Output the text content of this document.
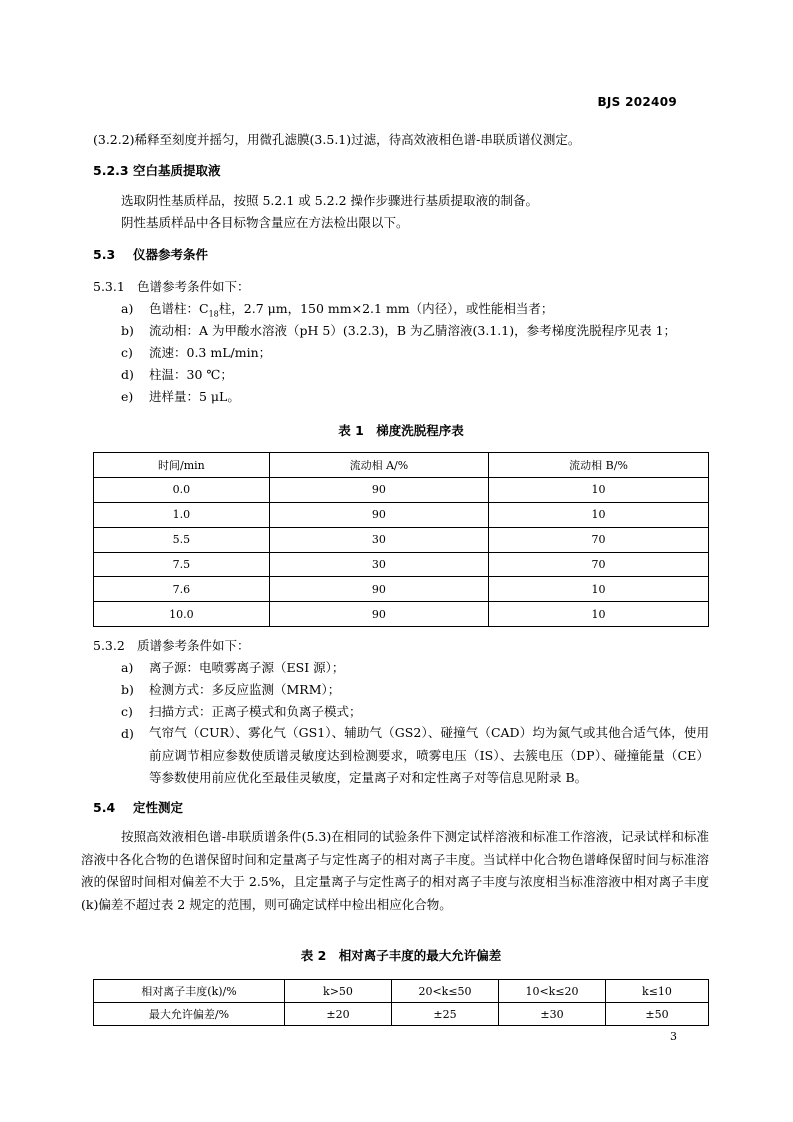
BJS 202409
(3.2.2)稀释至刻度并摇匀，用微孔滤膜(3.5.1)过滤，待高效液相色谱-串联质谱仪测定。
5.2.3 空白基质提取液
选取阴性基质样品，按照 5.2.1 或 5.2.2 操作步骤进行基质提取液的制备。
阴性基质样品中各目标物含量应在方法检出限以下。
5.3 仪器参考条件
5.3.1 色谱参考条件如下：
a) 色谱柱：$C_{18}$柱，2.7 μm，150 mm×2.1 mm（内径），或性能相当者；
b) 流动相：A 为甲酸水溶液（pH 5）(3.2.3)，B 为乙腈溶液(3.1.1)，参考梯度洗脱程序见表 1；
c) 流速：0.3 mL/min；
d) 柱温：30 ℃；
e) 进样量：5 μL。
表 1　梯度洗脱程序表
时间/min	流动相 A/%	流动相 B/%
0.0	90	10
1.0	90	10
5.5	30	70
7.5	30	70
7.6	90	10
10.0	90	10
5.3.2 质谱参考条件如下：
a) 离子源：电喷雾离子源（ESI 源）；
b) 检测方式：多反应监测（MRM）；
c) 扫描方式：正离子模式和负离子模式；
d) 气帘气（CUR）、雾化气（GS1）、辅助气（GS2）、碰撞气（CAD）均为氮气或其他合适气体，使用前应调节相应参数使质谱灵敏度达到检测要求，喷雾电压（IS）、去簇电压（DP）、碰撞能量（CE）等参数使用前应优化至最佳灵敏度，定量离子对和定性离子对等信息见附录 B。
5.4 定性测定
按照高效液相色谱-串联质谱条件(5.3)在相同的试验条件下测定试样溶液和标准工作溶液，记录试样和标准溶液中各化合物的色谱保留时间和定量离子与定性离子的相对离子丰度。当试样中化合物色谱峰保留时间与标准溶液的保留时间相对偏差不大于 2.5%，且定量离子与定性离子的相对离子丰度与浓度相当标准溶液中相对离子丰度(k)偏差不超过表 2 规定的范围，则可确定试样中检出相应化合物。
表 2　相对离子丰度的最大允许偏差
相对离子丰度(k)/%	k>50	20<k≤50	10<k≤20	k≤10
最大允许偏差/%	±20	±25	±30	±50
3
